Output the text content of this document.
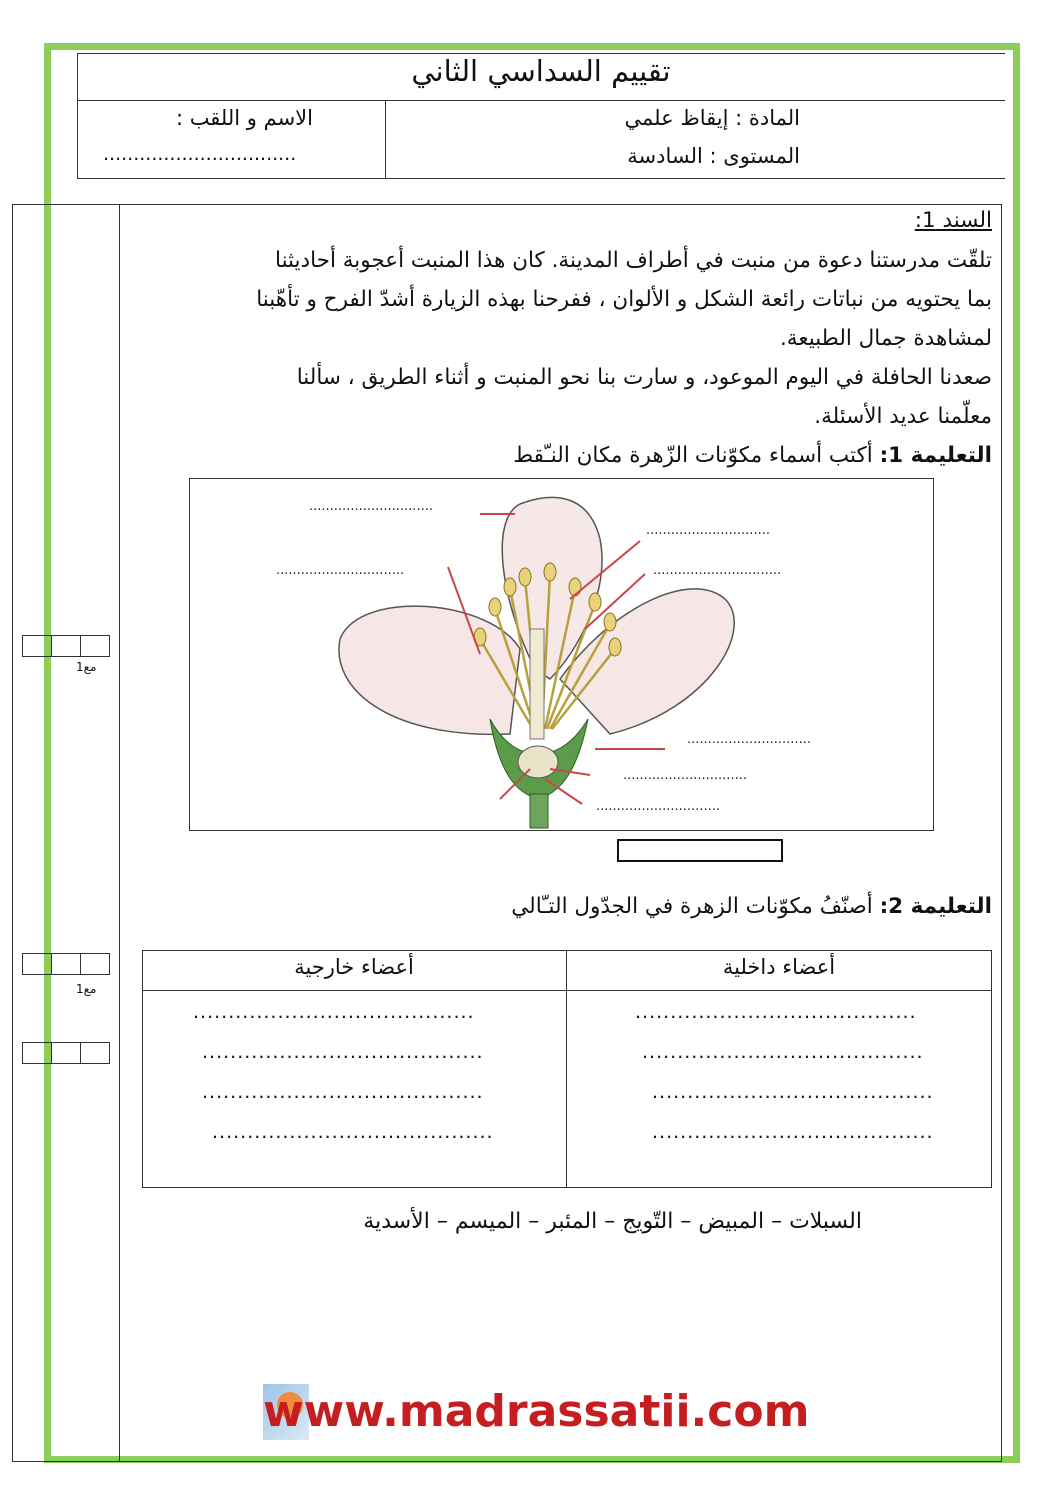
تقييم السداسي الثاني
المادة : إيقاظ علمي
المستوى : السادسة
الاسم و اللقب :
................................
مع1
مع1
السند 1:
تلقّت مدرستنا دعوة من منبت في أطراف المدينة. كان هذا المنبت أعجوبة أحاديثنا
بما يحتويه من نباتات رائعة الشكل و الألوان ، ففرحنا بهذه الزيارة أشدّ الفرح و تأهّبنا
لمشاهدة جمال الطبيعة.
صعدنا الحافلة في اليوم الموعود، و سارت بنا نحو المنبت و أثناء الطريق ، سألنا
معلّمنا عديد الأسئلة.
التعليمة 1: أكتب أسماء مكوّنات الزّهرة مكان النـّقط
..............................
..............................
...............................	...............................
..............................
..............................
..............................
التعليمة 2: أصنّفُ مكوّنات الزهرة في الجدّول التـّالي
أعضاء داخلية
أعضاء خارجية
........................................
........................................
........................................
........................................
........................................
........................................
........................................
........................................
السبلات – المبيض – التّويج – المئبر – الميسم – الأسدية
www.madrassatii.com
